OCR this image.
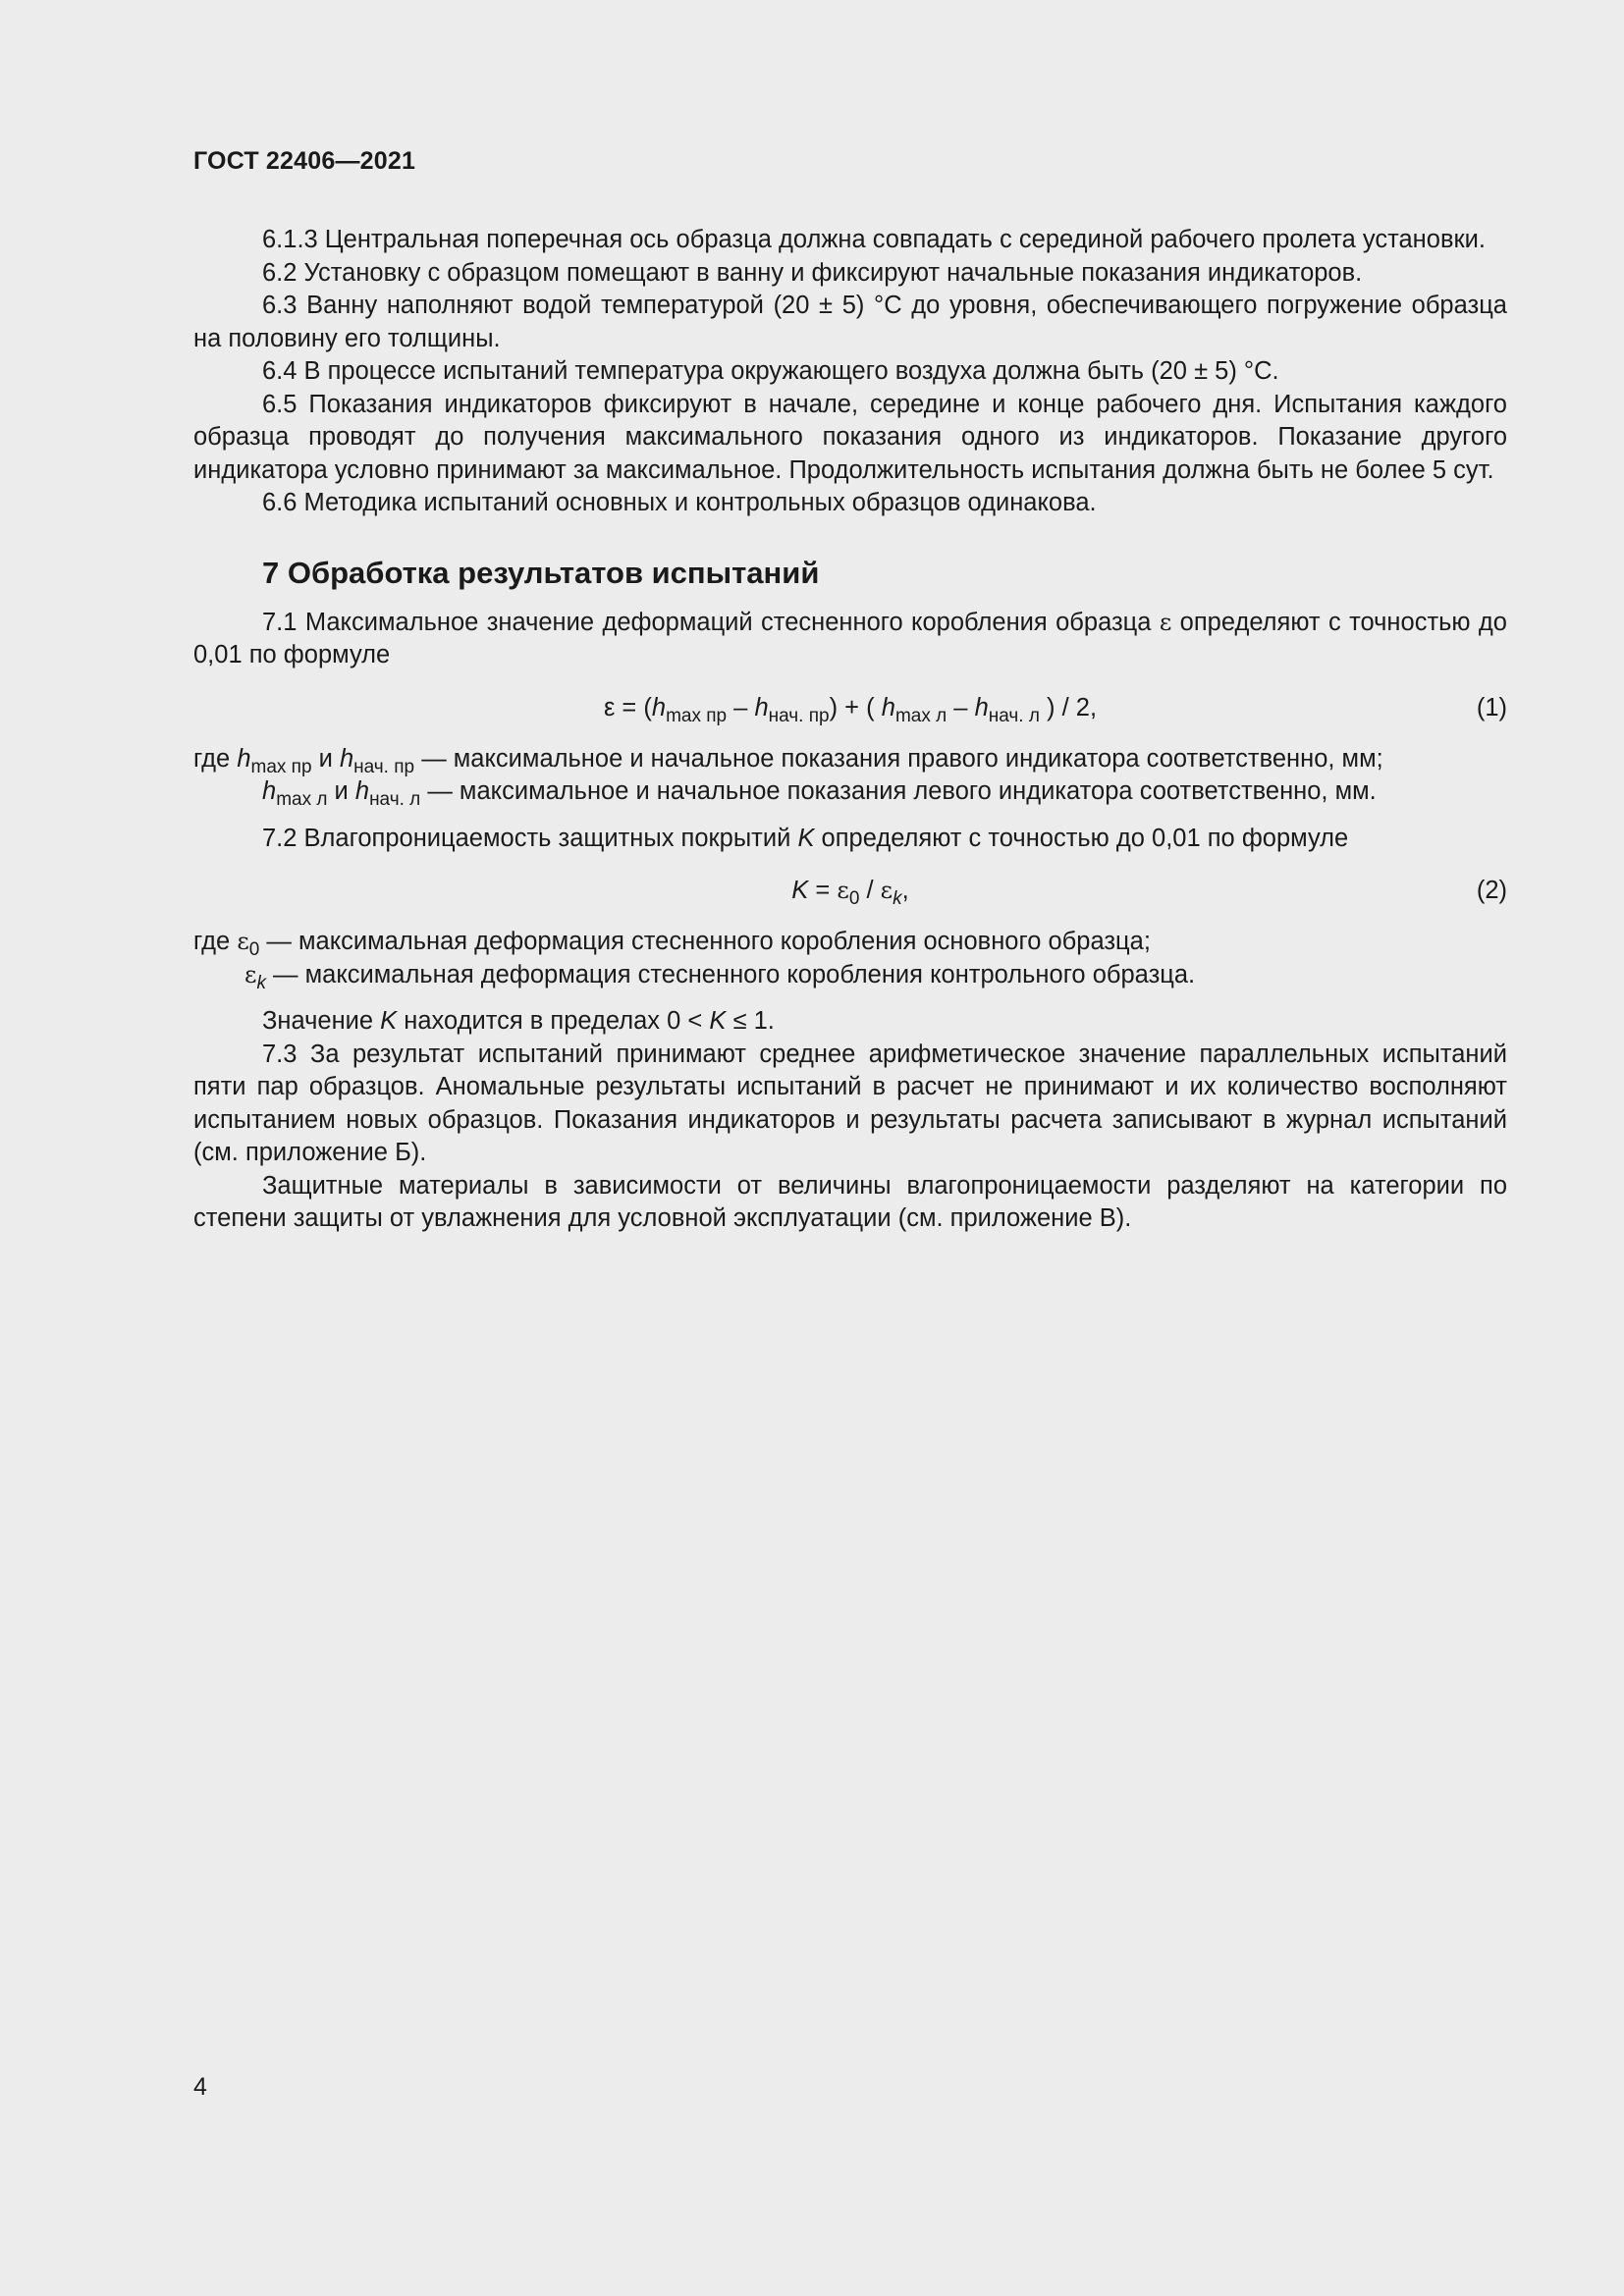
ГОСТ 22406—2021

6.1.3 Центральная поперечная ось образца должна совпадать с серединой рабочего пролета установки.

6.2 Установку с образцом помещают в ванну и фиксируют начальные показания индикаторов.

6.3 Ванну наполняют водой температурой (20 ± 5) °С до уровня, обеспечивающего погружение образца на половину его толщины.

6.4 В процессе испытаний температура окружающего воздуха должна быть (20 ± 5) °С.

6.5 Показания индикаторов фиксируют в начале, середине и конце рабочего дня. Испытания каждого образца проводят до получения максимального показания одного из индикаторов. Показание другого индикатора условно принимают за максимальное. Продолжительность испытания должна быть не более 5 сут.

6.6 Методика испытаний основных и контрольных образцов одинакова.

7 Обработка результатов испытаний

7.1 Максимальное значение деформаций стесненного коробления образца ε определяют с точностью до 0,01 по формуле

$\varepsilon = (h_{max пр} - h_{нач. пр})$ + ( $h_{max л} - h_{нач. л}$ ) / 2,	(1)

где $h_{max пр}$ и $h_{нач. пр}$ — максимальное и начальное показания правого индикатора соответственно, мм;

$h_{max л}$ и $h_{нач. л}$ — максимальное и начальное показания левого индикатора соответственно, мм.

7.2 Влагопроницаемость защитных покрытий K определяют с точностью до 0,01 по формуле

$K = \varepsilon_0 / \varepsilon_k$,	(2)

где $\varepsilon_0$ — максимальная деформация стесненного коробления основного образца;

$\varepsilon_k$ — максимальная деформация стесненного коробления контрольного образца.

Значение K находится в пределах 0 < K ≤ 1.

7.3 За результат испытаний принимают среднее арифметическое значение параллельных испытаний пяти пар образцов. Аномальные результаты испытаний в расчет не принимают и их количество восполняют испытанием новых образцов. Показания индикаторов и результаты расчета записывают в журнал испытаний (см. приложение Б).

Защитные материалы в зависимости от величины влагопроницаемости разделяют на категории по степени защиты от увлажнения для условной эксплуатации (см. приложение В).

4
